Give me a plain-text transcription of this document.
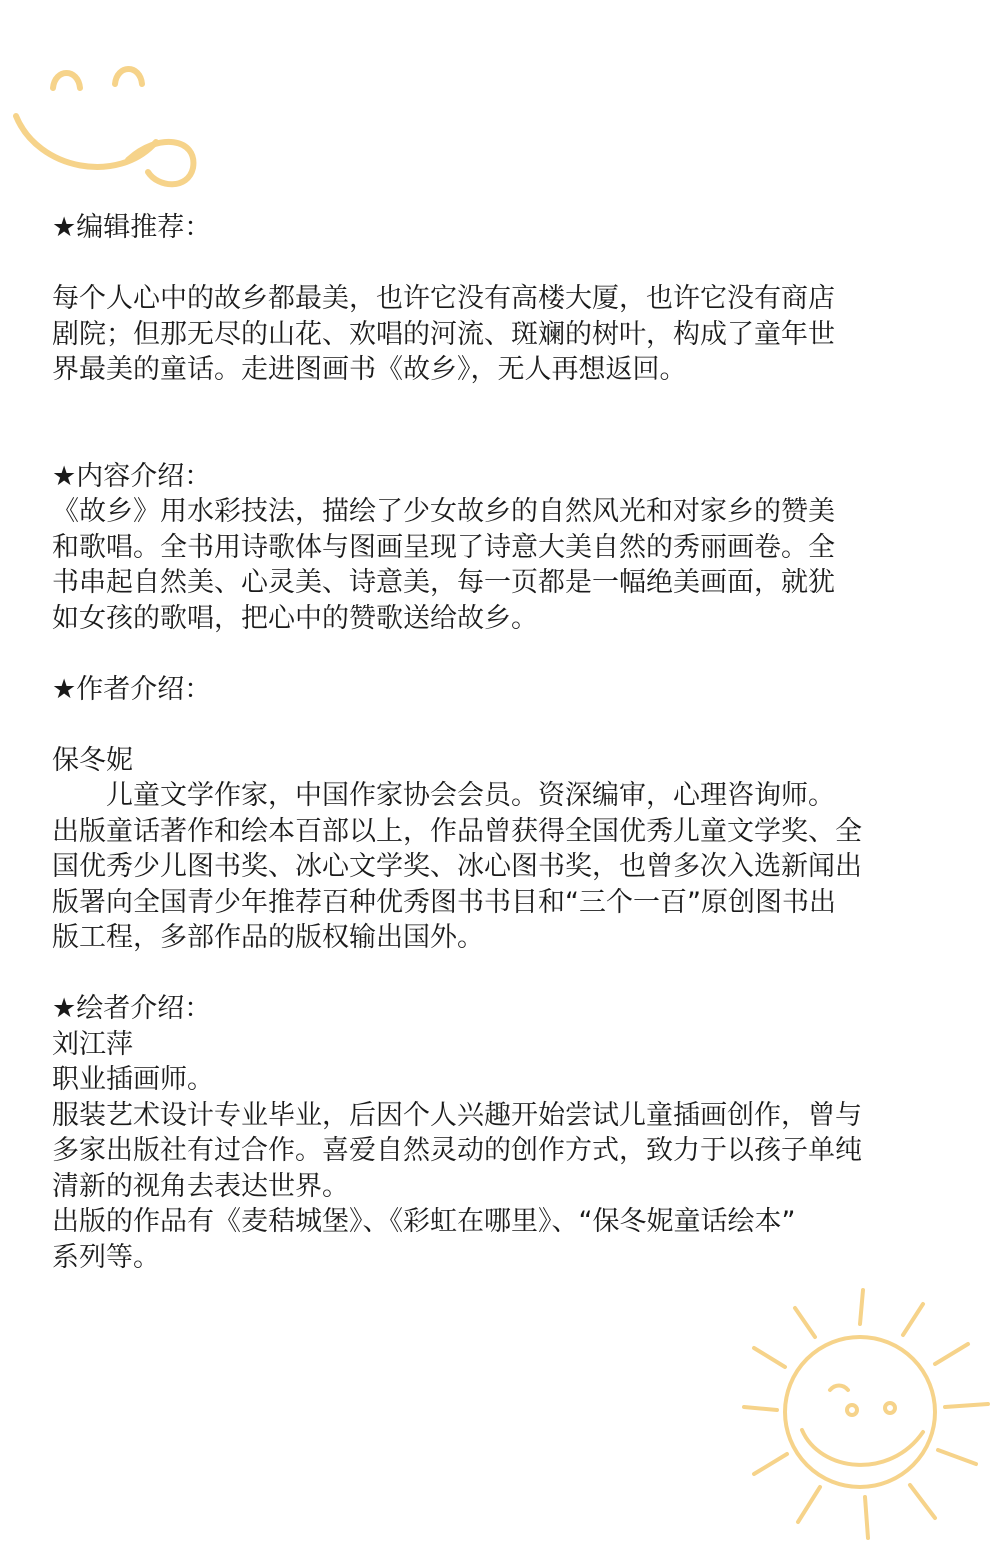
★编辑推荐：
每个人心中的故乡都最美，也许它没有高楼大厦，也许它没有商店
剧院；但那无尽的山花、欢唱的河流、斑斓的树叶，构成了童年世
界最美的童话。走进图画书《故乡》，无人再想返回。
★内容介绍：
《故乡》用水彩技法，描绘了少女故乡的自然风光和对家乡的赞美
和歌唱。全书用诗歌体与图画呈现了诗意大美自然的秀丽画卷。全
书串起自然美、心灵美、诗意美，每一页都是一幅绝美画面，就犹
如女孩的歌唱，把心中的赞歌送给故乡。
★作者介绍：
保冬妮
儿童文学作家，中国作家协会会员。资深编审，心理咨询师。
出版童话著作和绘本百部以上，作品曾获得全国优秀儿童文学奖、全
国优秀少儿图书奖、冰心文学奖、冰心图书奖，也曾多次入选新闻出
版署向全国青少年推荐百种优秀图书书目和“三个一百”原创图书出
版工程，多部作品的版权输出国外。
★绘者介绍：
刘江萍
职业插画师。
服装艺术设计专业毕业，后因个人兴趣开始尝试儿童插画创作，曾与
多家出版社有过合作。喜爱自然灵动的创作方式，致力于以孩子单纯
清新的视角去表达世界。
出版的作品有《麦秸城堡》、《彩虹在哪里》、“保冬妮童话绘本”
系列等。
